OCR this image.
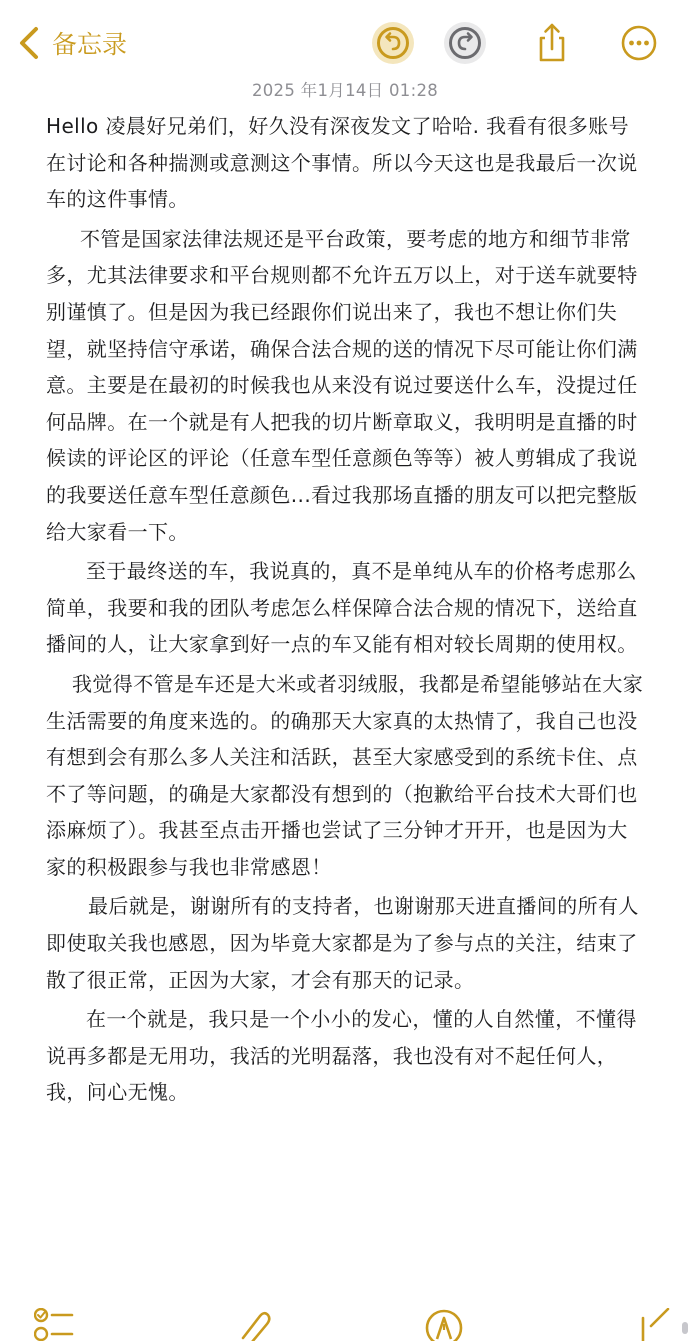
备忘录
2025 年1月14日 01:28

Hello 凌晨好兄弟们，好久没有深夜发文了哈哈. 我看有很多账号在讨论和各种揣测或意测这个事情。所以今天这也是我最后一次说车的这件事情。

不管是国家法律法规还是平台政策，要考虑的地方和细节非常多，尤其法律要求和平台规则都不允许五万以上，对于送车就要特别谨慎了。但是因为我已经跟你们说出来了，我也不想让你们失望，就坚持信守承诺，确保合法合规的送的情况下尽可能让你们满意。主要是在最初的时候我也从来没有说过要送什么车，没提过任何品牌。在一个就是有人把我的切片断章取义，我明明是直播的时候读的评论区的评论（任意车型任意颜色等等）被人剪辑成了我说的我要送任意车型任意颜色...看过我那场直播的朋友可以把完整版给大家看一下。

至于最终送的车，我说真的，真不是单纯从车的价格考虑那么简单，我要和我的团队考虑怎么样保障合法合规的情况下，送给直播间的人，让大家拿到好一点的车又能有相对较长周期的使用权。

我觉得不管是车还是大米或者羽绒服，我都是希望能够站在大家生活需要的角度来选的。的确那天大家真的太热情了，我自己也没有想到会有那么多人关注和活跃，甚至大家感受到的系统卡住、点不了等问题，的确是大家都没有想到的（抱歉给平台技术大哥们也添麻烦了）。我甚至点击开播也尝试了三分钟才开开，也是因为大家的积极跟参与我也非常感恩！

最后就是，谢谢所有的支持者，也谢谢那天进直播间的所有人即使取关我也感恩，因为毕竟大家都是为了参与点的关注，结束了散了很正常，正因为大家，才会有那天的记录。

在一个就是，我只是一个小小的发心，懂的人自然懂，不懂得说再多都是无用功，我活的光明磊落，我也没有对不起任何人，我，问心无愧。
